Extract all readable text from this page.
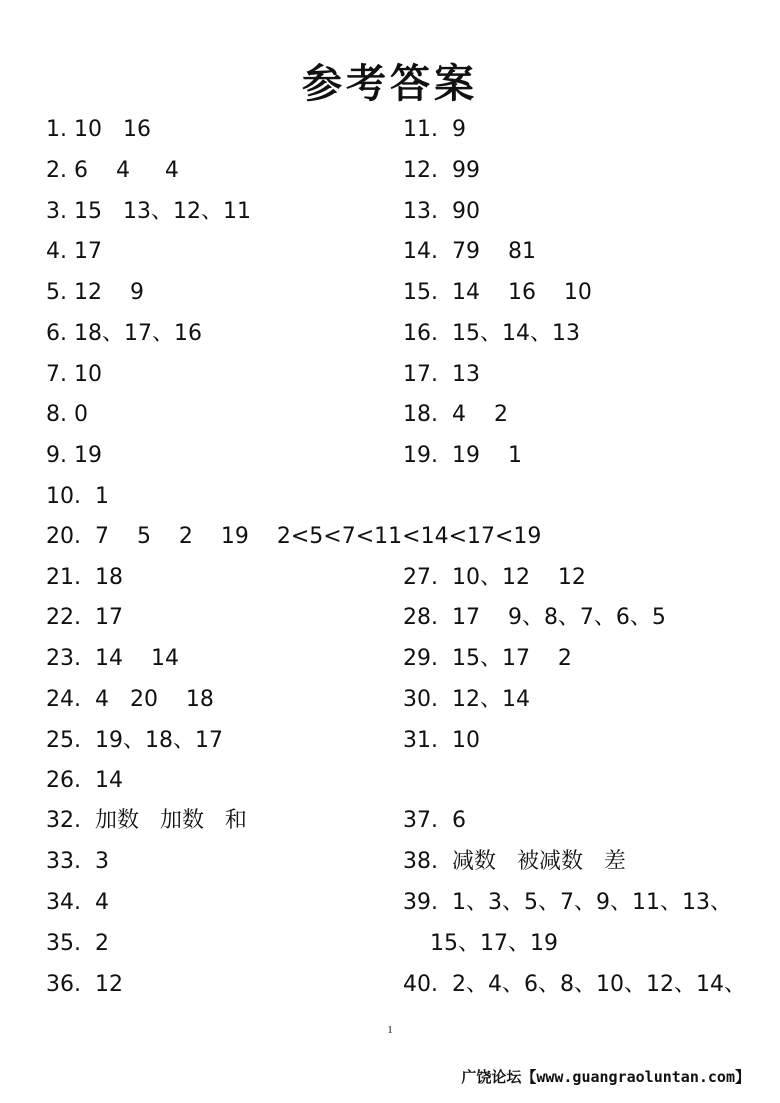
参考答案
1. 10   16
2. 6    4     4
3. 15   13、12、11
4. 17
5. 12    9
6. 18、17、16
7. 10
8. 0
9. 19
10.  1
20.  7    5    2    19    2<5<7<11<14<17<19
21.  18
22.  17
23.  14    14
24.  4   20    18
25.  19、18、17
26.  14
32.  加数   加数   和
33.  3
34.  4
35.  2
36.  12
11.  9
12.  99
13.  90
14.  79    81
15.  14    16    10
16.  15、14、13
17.  13
18.  4    2
19.  19    1
27.  10、12    12
28.  17    9、8、7、6、5
29.  15、17    2
30.  12、14
31.  10
37.  6
38.  减数   被减数   差
39.  1、3、5、7、9、11、13、
15、17、19
40.  2、4、6、8、10、12、14、
1
广饶论坛【www.guangraoluntan.com】
